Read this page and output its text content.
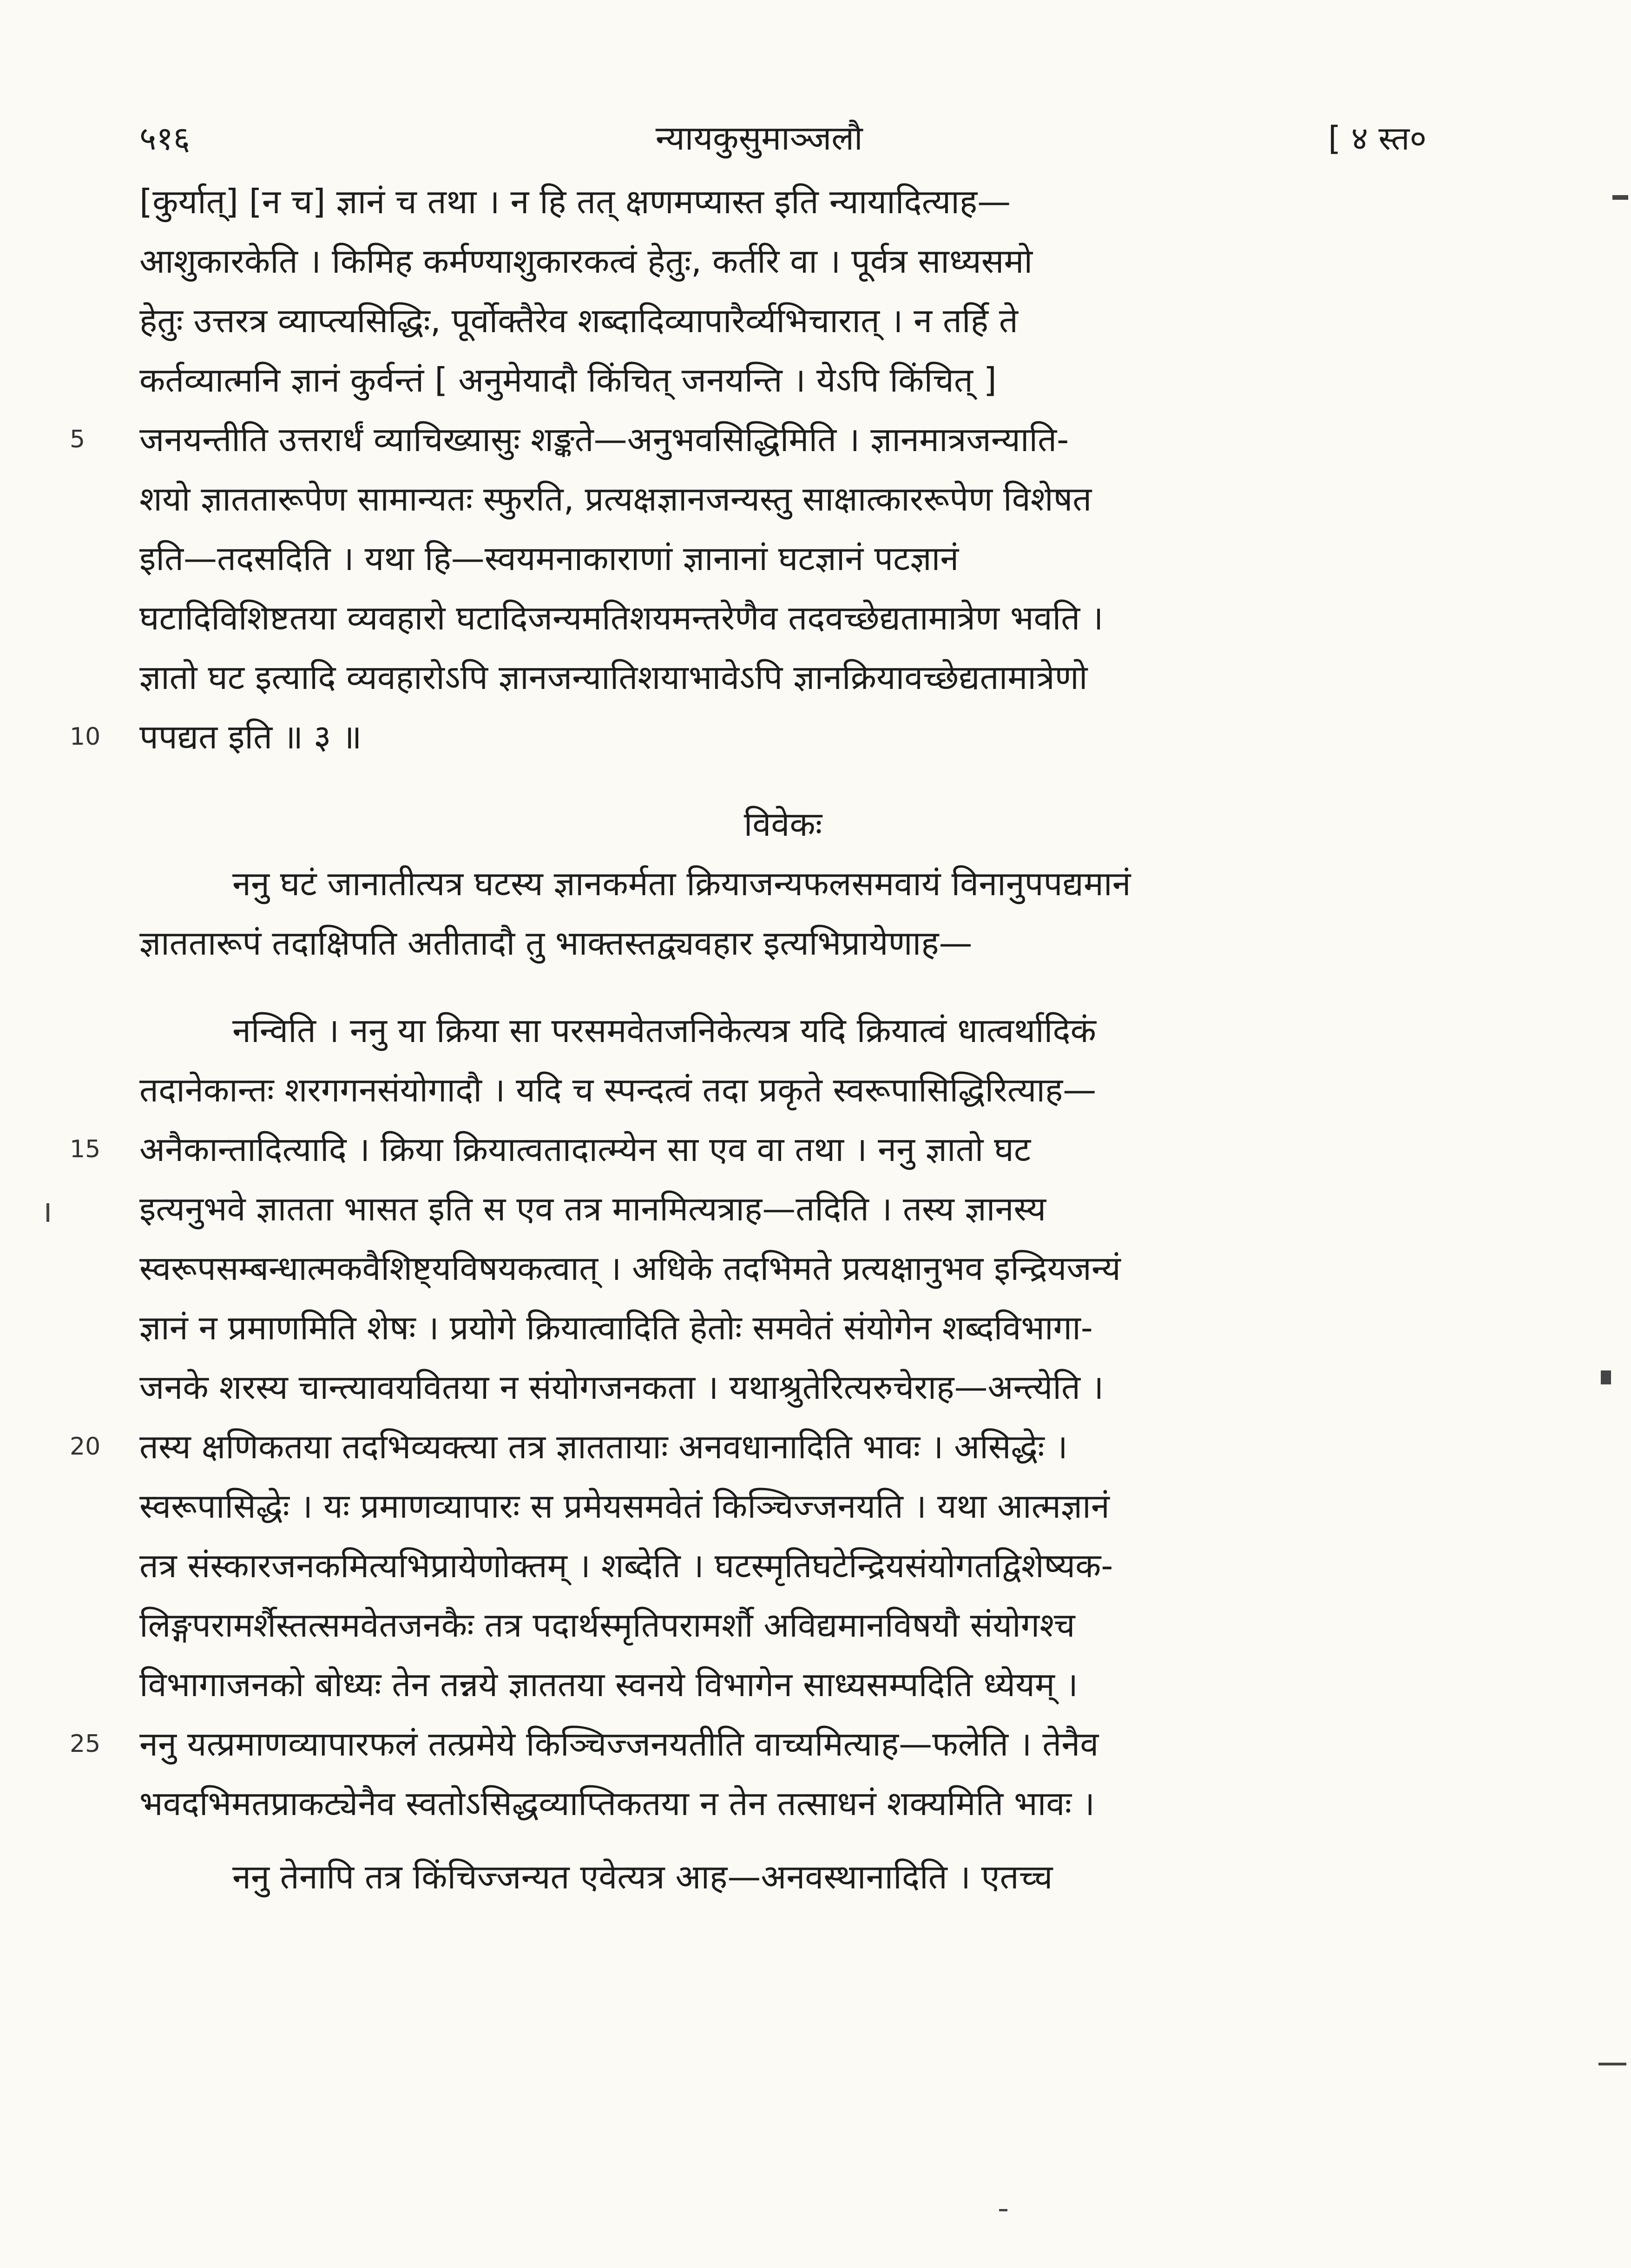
५१६	न्यायकुसुमाञ्जलौ	[ ४ स्त०
[कुर्यात्] [न च] ज्ञानं च तथा । न हि तत् क्षणमप्यास्त इति न्यायादित्याह—
आशुकारकेति । किमिह कर्मण्याशुकारकत्वं हेतुः, कर्तरि वा । पूर्वत्र साध्यसमो
हेतुः उत्तरत्र व्याप्त्यसिद्धिः, पूर्वोक्तैरेव शब्दादिव्यापारैर्व्यभिचारात् । न तर्हि ते
कर्तव्यात्मनि ज्ञानं कुर्वन्तं [ अनुमेयादौ किंचित् जनयन्ति । येऽपि किंचित् ]
5	जनयन्तीति उत्तरार्धं व्याचिख्यासुः शङ्कते—अनुभवसिद्धिमिति । ज्ञानमात्रजन्याति-
शयो ज्ञाततारूपेण सामान्यतः स्फुरति, प्रत्यक्षज्ञानजन्यस्तु साक्षात्काररूपेण विशेषत
इति—तदसदिति । यथा हि—स्वयमनाकाराणां ज्ञानानां घटज्ञानं पटज्ञानं
घटादिविशिष्टतया व्यवहारो घटादिजन्यमतिशयमन्तरेणैव तदवच्छेद्यतामात्रेण भवति ।
ज्ञातो घट इत्यादि व्यवहारोऽपि ज्ञानजन्यातिशयाभावेऽपि ज्ञानक्रियावच्छेद्यतामात्रेणो
10	पपद्यत इति ॥ ३ ॥
विवेकः
ननु घटं जानातीत्यत्र घटस्य ज्ञानकर्मता क्रियाजन्यफलसमवायं विनानुपपद्यमानं
ज्ञाततारूपं तदाक्षिपति अतीतादौ तु भाक्तस्तद्व्यवहार इत्यभिप्रायेणाह—
नन्विति । ननु या क्रिया सा परसमवेतजनिकेत्यत्र यदि क्रियात्वं धात्वर्थादिकं
तदानेकान्तः शरगगनसंयोगादौ । यदि च स्पन्दत्वं तदा प्रकृते स्वरूपासिद्धिरित्याह—
15	अनैकान्तादित्यादि । क्रिया क्रियात्वतादात्म्येन सा एव वा तथा । ननु ज्ञातो घट
इत्यनुभवे ज्ञातता भासत इति स एव तत्र मानमित्यत्राह—तदिति । तस्य ज्ञानस्य
स्वरूपसम्बन्धात्मकवैशिष्ट्यविषयकत्वात् । अधिके तदभिमते प्रत्यक्षानुभव इन्द्रियजन्यं
ज्ञानं न प्रमाणमिति शेषः । प्रयोगे क्रियात्वादिति हेतोः समवेतं संयोगेन शब्दविभागा-
जनके शरस्य चान्त्यावयवितया न संयोगजनकता । यथाश्रुतेरित्यरुचेराह—अन्त्येति ।
20	तस्य क्षणिकतया तदभिव्यक्त्या तत्र ज्ञाततायाः अनवधानादिति भावः । असिद्धेः ।
स्वरूपासिद्धेः । यः प्रमाणव्यापारः स प्रमेयसमवेतं किञ्चिज्जनयति । यथा आत्मज्ञानं
तत्र संस्कारजनकमित्यभिप्रायेणोक्तम् । शब्देति । घटस्मृतिघटेन्द्रियसंयोगतद्विशेष्यक-
लिङ्गपरामर्शैस्तत्समवेतजनकैः तत्र पदार्थस्मृतिपरामर्शौ अविद्यमानविषयौ संयोगश्च
विभागाजनको बोध्यः तेन तन्नये ज्ञाततया स्वनये विभागेन साध्यसम्पदिति ध्येयम् ।
25	ननु यत्प्रमाणव्यापारफलं तत्प्रमेये किञ्चिज्जनयतीति वाच्यमित्याह—फलेति । तेनैव
भवदभिमतप्राकट्येनैव स्वतोऽसिद्धव्याप्तिकतया न तेन तत्साधनं शक्यमिति भावः ।
ननु तेनापि तत्र किंचिज्जन्यत एवेत्यत्र आह—अनवस्थानादिति । एतच्च
